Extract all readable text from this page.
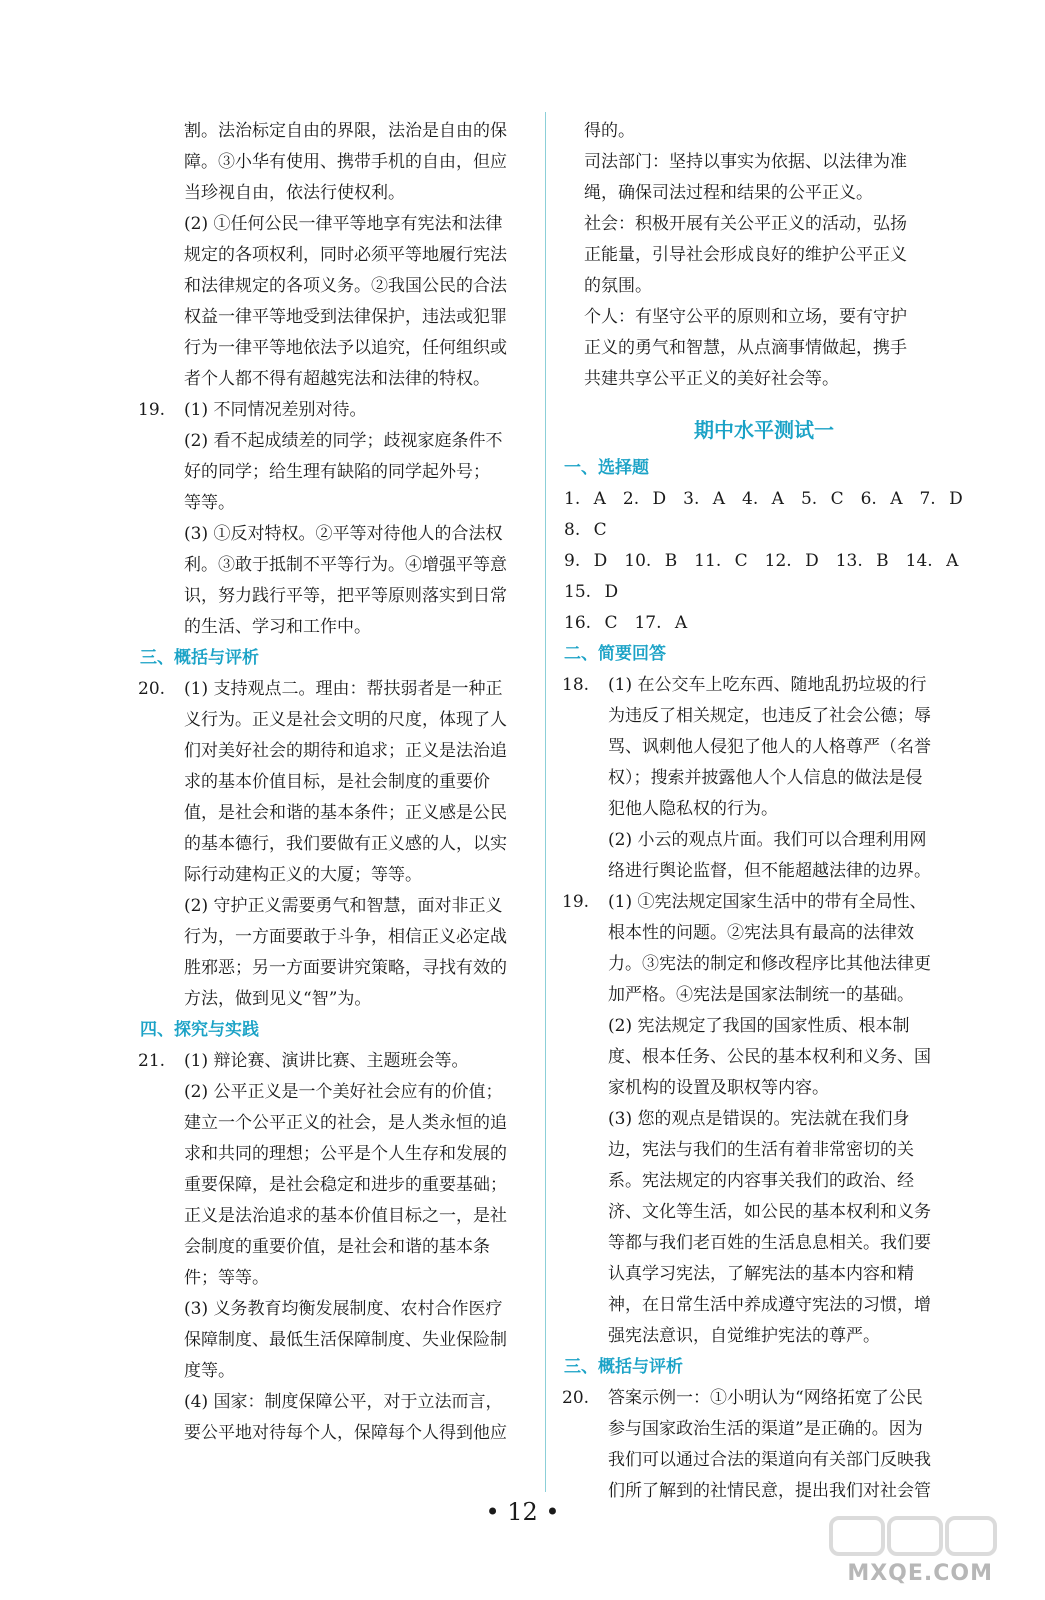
割。法治标定自由的界限，法治是自由的保
障。③小华有使用、携带手机的自由，但应
当珍视自由，依法行使权利。
(2) ①任何公民一律平等地享有宪法和法律
规定的各项权利，同时必须平等地履行宪法
和法律规定的各项义务。②我国公民的合法
权益一律平等地受到法律保护，违法或犯罪
行为一律平等地依法予以追究，任何组织或
者个人都不得有超越宪法和法律的特权。
19. (1) 不同情况差别对待。
(2) 看不起成绩差的同学；歧视家庭条件不
好的同学；给生理有缺陷的同学起外号；
等等。
(3) ①反对特权。②平等对待他人的合法权
利。③敢于抵制不平等行为。④增强平等意
识，努力践行平等，把平等原则落实到日常
的生活、学习和工作中。
三、概括与评析
20. (1) 支持观点二。理由：帮扶弱者是一种正
义行为。正义是社会文明的尺度，体现了人
们对美好社会的期待和追求；正义是法治追
求的基本价值目标，是社会制度的重要价
值，是社会和谐的基本条件；正义感是公民
的基本德行，我们要做有正义感的人，以实
际行动建构正义的大厦；等等。
(2) 守护正义需要勇气和智慧，面对非正义
行为，一方面要敢于斗争，相信正义必定战
胜邪恶；另一方面要讲究策略，寻找有效的
方法，做到见义“智”为。
四、探究与实践
21. (1) 辩论赛、演讲比赛、主题班会等。
(2) 公平正义是一个美好社会应有的价值；
建立一个公平正义的社会，是人类永恒的追
求和共同的理想；公平是个人生存和发展的
重要保障，是社会稳定和进步的重要基础；
正义是法治追求的基本价值目标之一，是社
会制度的重要价值，是社会和谐的基本条
件；等等。
(3) 义务教育均衡发展制度、农村合作医疗
保障制度、最低生活保障制度、失业保险制
度等。
(4) 国家：制度保障公平，对于立法而言，
要公平地对待每个人，保障每个人得到他应
得的。
司法部门：坚持以事实为依据、以法律为准
绳，确保司法过程和结果的公平正义。
社会：积极开展有关公平正义的活动，弘扬
正能量，引导社会形成良好的维护公平正义
的氛围。
个人：有坚守公平的原则和立场，要有守护
正义的勇气和智慧，从点滴事情做起，携手
共建共享公平正义的美好社会等。
期中水平测试一
一、选择题
1. A　2. D　3. A　4. A　5. C　6. A　7. D　8. C
9. D　10. B　11. C　12. D　13. B　14. A　15. D
16. C　17. A
二、简要回答
18. (1) 在公交车上吃东西、随地乱扔垃圾的行
为违反了相关规定，也违反了社会公德；辱
骂、讽刺他人侵犯了他人的人格尊严（名誉
权）；搜索并披露他人个人信息的做法是侵
犯他人隐私权的行为。
(2) 小云的观点片面。我们可以合理利用网
络进行舆论监督，但不能超越法律的边界。
19. (1) ①宪法规定国家生活中的带有全局性、
根本性的问题。②宪法具有最高的法律效
力。③宪法的制定和修改程序比其他法律更
加严格。④宪法是国家法制统一的基础。
(2) 宪法规定了我国的国家性质、根本制
度、根本任务、公民的基本权利和义务、国
家机构的设置及职权等内容。
(3) 您的观点是错误的。宪法就在我们身
边，宪法与我们的生活有着非常密切的关
系。宪法规定的内容事关我们的政治、经
济、文化等生活，如公民的基本权利和义务
等都与我们老百姓的生活息息相关。我们要
认真学习宪法，了解宪法的基本内容和精
神，在日常生活中养成遵守宪法的习惯，增
强宪法意识，自觉维护宪法的尊严。
三、概括与评析
20. 答案示例一：①小明认为“网络拓宽了公民
参与国家政治生活的渠道”是正确的。因为
我们可以通过合法的渠道向有关部门反映我
们所了解到的社情民意，提出我们对社会管
• 12 •
MXQE.COM
